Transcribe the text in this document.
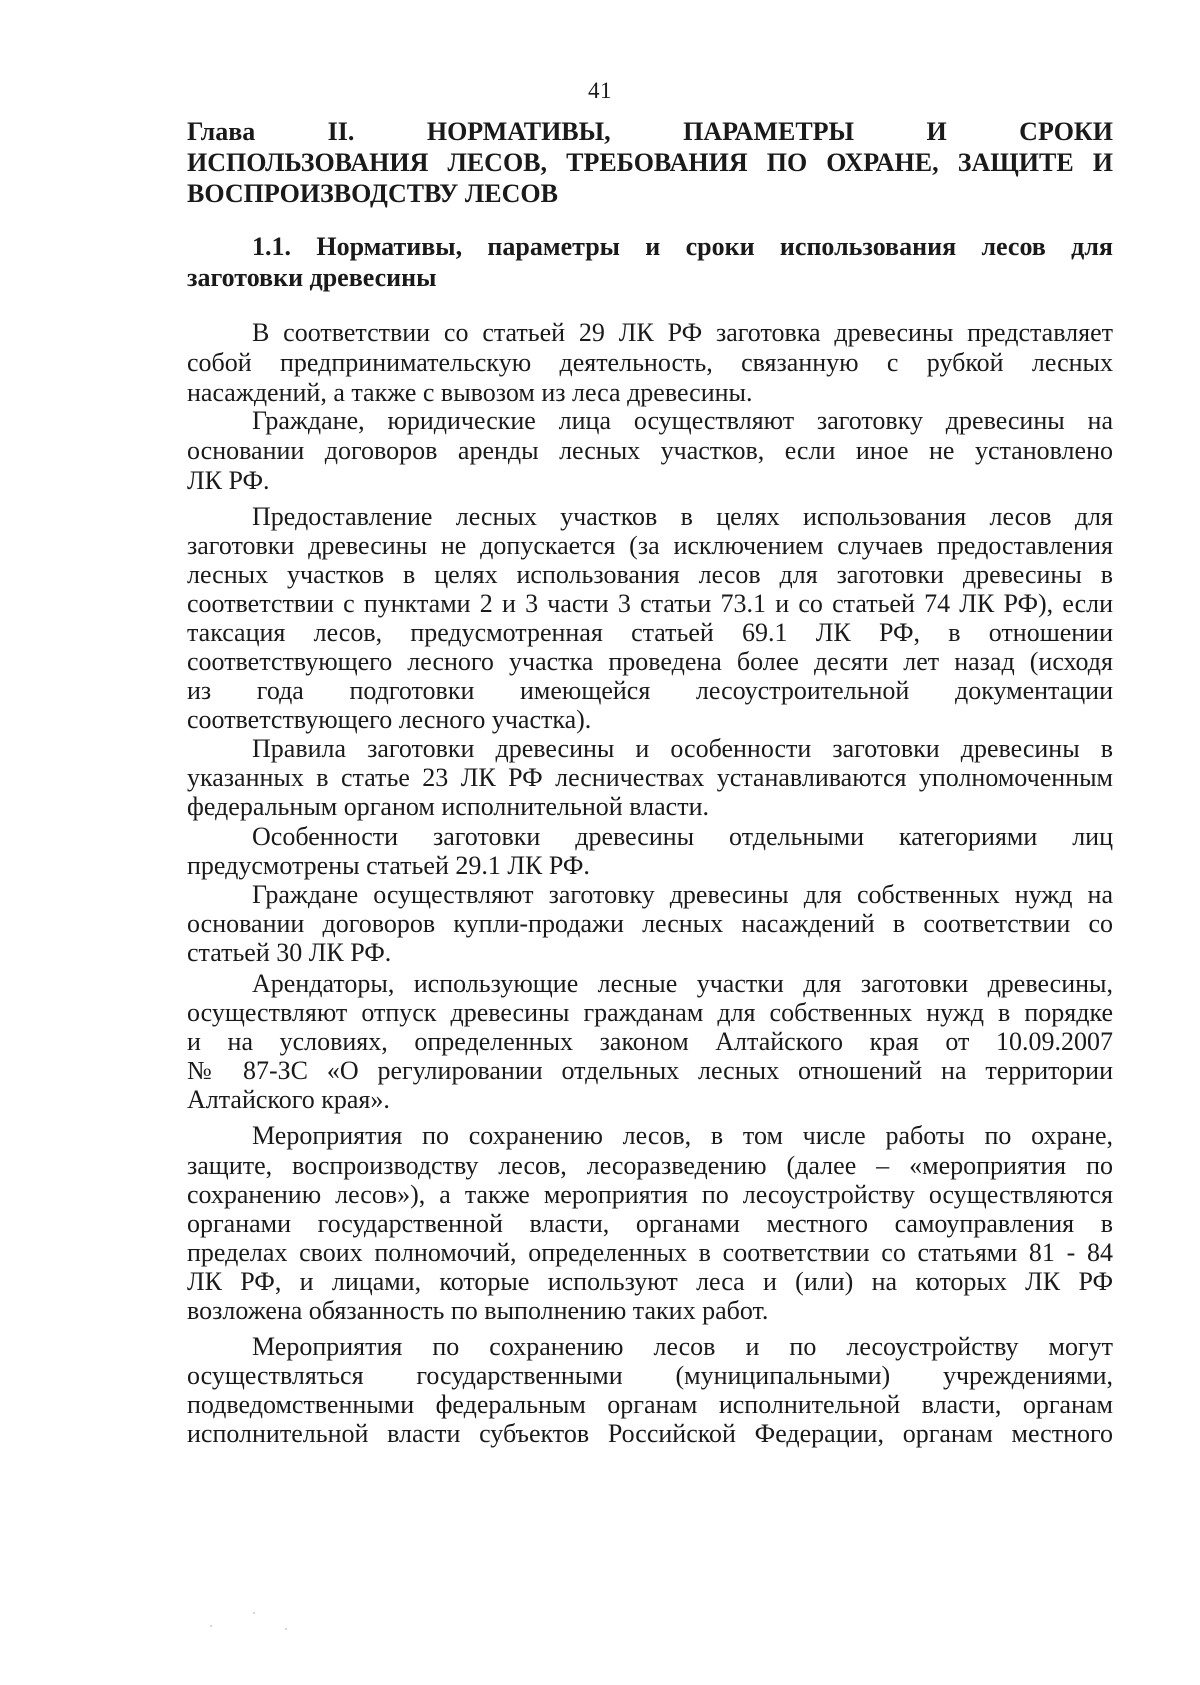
41
Глава II. НОРМАТИВЫ, ПАРАМЕТРЫ И СРОКИ
ИСПОЛЬЗОВАНИЯ ЛЕСОВ, ТРЕБОВАНИЯ ПО ОХРАНЕ, ЗАЩИТЕ И
ВОСПРОИЗВОДСТВУ ЛЕСОВ
1.1. Нормативы, параметры и сроки использования лесов для
заготовки древесины
В соответствии со статьей 29 ЛК РФ заготовка древесины представляет
собой предпринимательскую деятельность, связанную с рубкой лесных
насаждений, а также с вывозом из леса древесины.
Граждане, юридические лица осуществляют заготовку древесины на
основании договоров аренды лесных участков, если иное не установлено
ЛК РФ.
Предоставление лесных участков в целях использования лесов для
заготовки древесины не допускается (за исключением случаев предоставления
лесных участков в целях использования лесов для заготовки древесины в
соответствии с пунктами 2 и 3 части 3 статьи 73.1 и со статьей 74 ЛК РФ), если
таксация лесов, предусмотренная статьей 69.1 ЛК РФ, в отношении
соответствующего лесного участка проведена более десяти лет назад (исходя
из года подготовки имеющейся лесоустроительной документации
соответствующего лесного участка).
Правила заготовки древесины и особенности заготовки древесины в
указанных в статье 23 ЛК РФ лесничествах устанавливаются уполномоченным
федеральным органом исполнительной власти.
Особенности заготовки древесины отдельными категориями лиц
предусмотрены статьей 29.1 ЛК РФ.
Граждане осуществляют заготовку древесины для собственных нужд на
основании договоров купли-продажи лесных насаждений в соответствии со
статьей 30 ЛК РФ.
Арендаторы, использующие лесные участки для заготовки древесины,
осуществляют отпуск древесины гражданам для собственных нужд в порядке
и на условиях, определенных законом Алтайского края от 10.09.2007
№ 87-ЗС «О регулировании отдельных лесных отношений на территории
Алтайского края».
Мероприятия по сохранению лесов, в том числе работы по охране,
защите, воспроизводству лесов, лесоразведению (далее – «мероприятия по
сохранению лесов»), а также мероприятия по лесоустройству осуществляются
органами государственной власти, органами местного самоуправления в
пределах своих полномочий, определенных в соответствии со статьями 81 - 84
ЛК РФ, и лицами, которые используют леса и (или) на которых ЛК РФ
возложена обязанность по выполнению таких работ.
Мероприятия по сохранению лесов и по лесоустройству могут
осуществляться государственными (муниципальными) учреждениями,
подведомственными федеральным органам исполнительной власти, органам
исполнительной власти субъектов Российской Федерации, органам местного
